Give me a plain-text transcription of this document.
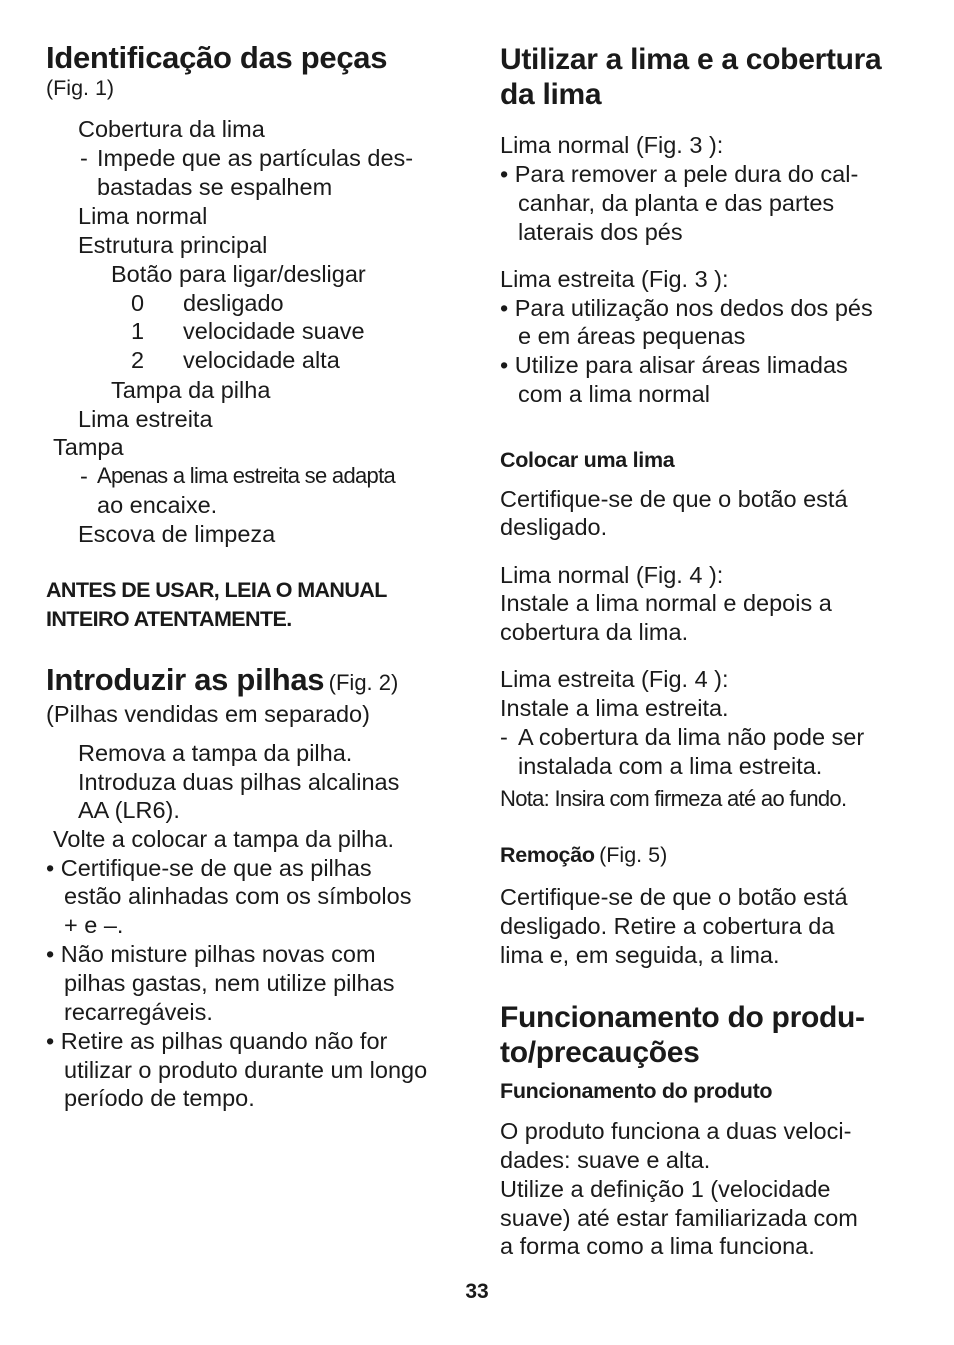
Identificação das peças
(Fig. 1)
Cobertura da lima
- Impede que as partículas des-
bastadas se espalhem
Lima normal
Estrutura principal
Botão para ligar/desligar
0 desligado
1 velocidade suave
2 velocidade alta
Tampa da pilha
Lima estreita
Tampa
- Apenas a lima estreita se adapta
ao encaixe.
Escova de limpeza
ANTES DE USAR, LEIA O MANUAL
INTEIRO ATENTAMENTE.
Introduzir as pilhas (Fig. 2)
(Pilhas vendidas em separado)
Remova a tampa da pilha.
Introduza duas pilhas alcalinas
AA (LR6).
Volte a colocar a tampa da pilha.
• Certifique-se de que as pilhas
estão alinhadas com os símbolos
+ e –.
• Não misture pilhas novas com
pilhas gastas, nem utilize pilhas
recarregáveis.
• Retire as pilhas quando não for
utilizar o produto durante um longo
período de tempo.
Utilizar a lima e a cobertura
da lima
Lima normal (Fig. 3 ):
• Para remover a pele dura do cal-
canhar, da planta e das partes
laterais dos pés
Lima estreita (Fig. 3 ):
• Para utilização nos dedos dos pés
e em áreas pequenas
• Utilize para alisar áreas limadas
com a lima normal
Colocar uma lima
Certifique-se de que o botão está
desligado.
Lima normal (Fig. 4 ):
Instale a lima normal e depois a
cobertura da lima.
Lima estreita (Fig. 4 ):
Instale a lima estreita.
- A cobertura da lima não pode ser
instalada com a lima estreita.
Nota: Insira com firmeza até ao fundo.
Remoção (Fig. 5)
Certifique-se de que o botão está
desligado. Retire a cobertura da
lima e, em seguida, a lima.
Funcionamento do produ-
to/precauções
Funcionamento do produto
O produto funciona a duas veloci-
dades: suave e alta.
Utilize a definição 1 (velocidade
suave) até estar familiarizada com
a forma como a lima funciona.
33
